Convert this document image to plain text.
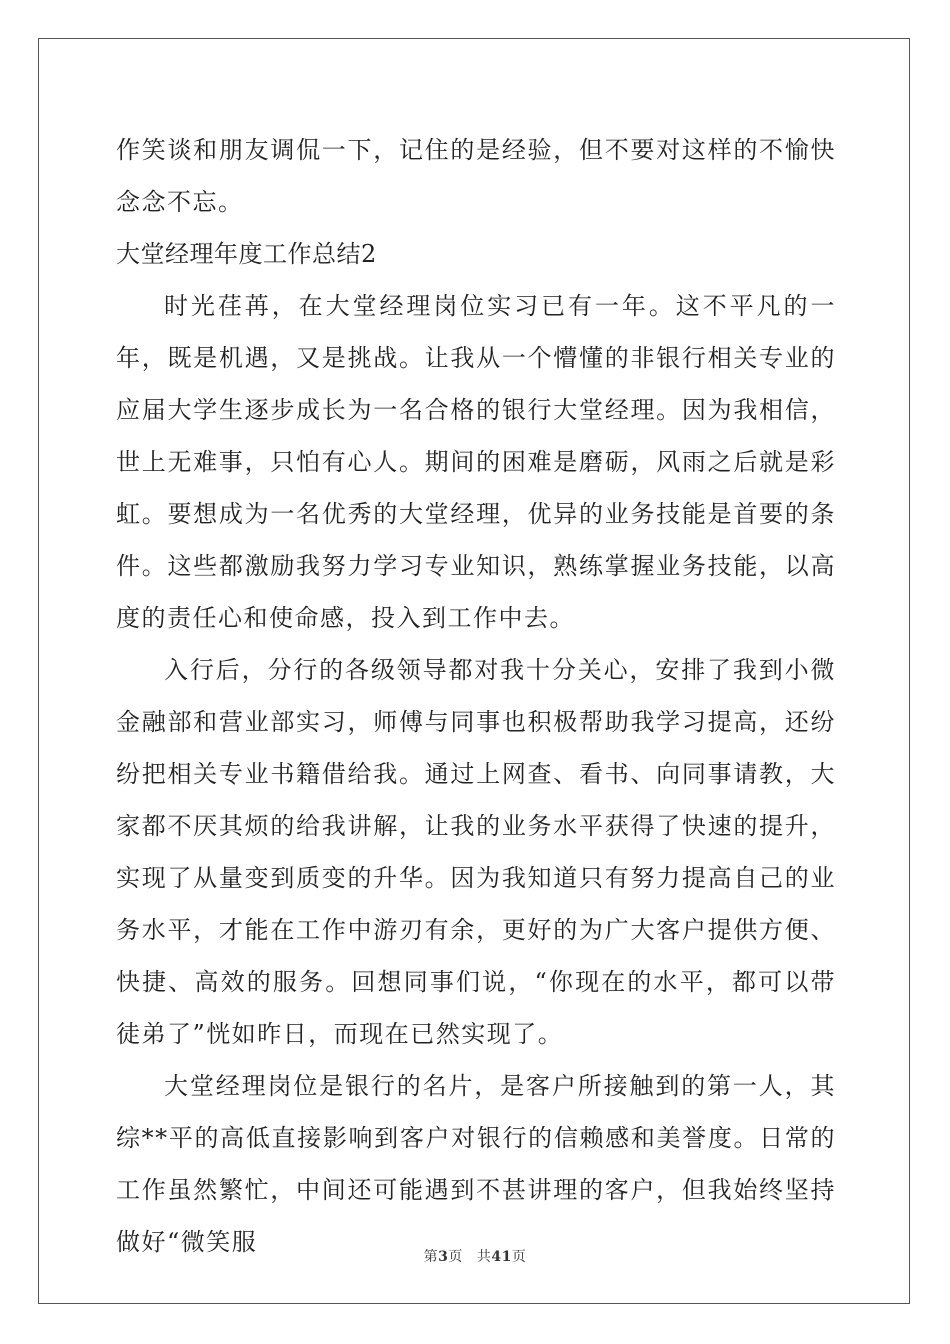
作笑谈和朋友调侃一下，记住的是经验，但不要对这样的不愉快念念不忘。

大堂经理年度工作总结2

时光荏苒，在大堂经理岗位实习已有一年。这不平凡的一年，既是机遇，又是挑战。让我从一个懵懂的非银行相关专业的应届大学生逐步成长为一名合格的银行大堂经理。因为我相信，世上无难事，只怕有心人。期间的困难是磨砺，风雨之后就是彩虹。要想成为一名优秀的大堂经理，优异的业务技能是首要的条件。这些都激励我努力学习专业知识，熟练掌握业务技能，以高度的责任心和使命感，投入到工作中去。

入行后，分行的各级领导都对我十分关心，安排了我到小微金融部和营业部实习，师傅与同事也积极帮助我学习提高，还纷纷把相关专业书籍借给我。通过上网查、看书、向同事请教，大家都不厌其烦的给我讲解，让我的业务水平获得了快速的提升，实现了从量变到质变的升华。因为我知道只有努力提高自己的业务水平，才能在工作中游刃有余，更好的为广大客户提供方便、快捷、高效的服务。回想同事们说，“你现在的水平，都可以带徒弟了”恍如昨日，而现在已然实现了。

大堂经理岗位是银行的名片，是客户所接触到的第一人，其综**平的高低直接影响到客户对银行的信赖感和美誉度。日常的工作虽然繁忙，中间还可能遇到不甚讲理的客户，但我始终坚持做好“微笑服

第3页 共41页
